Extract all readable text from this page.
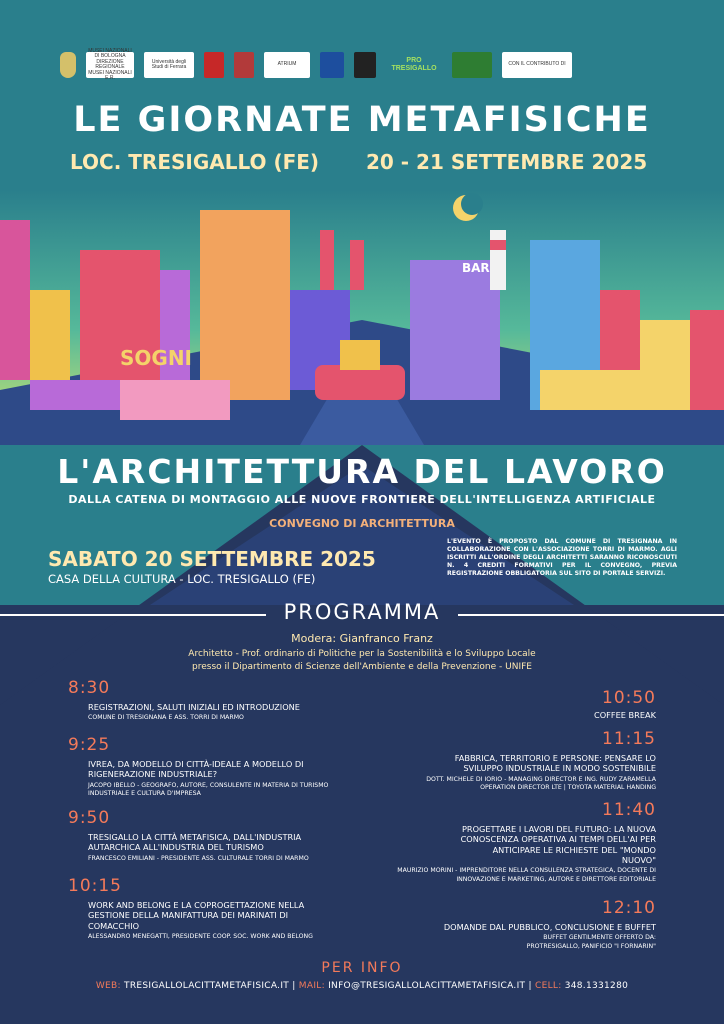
MUSEI NAZIONALI DI BOLOGNA DIREZIONE REGIONALE MUSEI NAZIONALI E.R.
Università degli Studi di Ferrara	ATRIUM	PRO TRESIGALLO
CON IL CONTRIBUTO DI
LE GIORNATE METAFISICHE
LOC. TRESIGALLO (FE) 20 - 21 SETTEMBRE 2025
SOGNI
BAR
L'ARCHITETTURA DEL LAVORO
DALLA CATENA DI MONTAGGIO ALLE NUOVE FRONTIERE DELL'INTELLIGENZA ARTIFICIALE
CONVEGNO DI ARCHITETTURA
SABATO 20 SETTEMBRE 2025
CASA DELLA CULTURA - LOC. TRESIGALLO (FE)
L'EVENTO È PROPOSTO DAL COMUNE DI TRESIGNANA IN COLLABORAZIONE CON L'ASSOCIAZIONE TORRI DI MARMO. AGLI ISCRITTI ALL'ORDINE DEGLI ARCHITETTI SARANNO RICONOSCIUTI N. 4 CREDITI FORMATIVI PER IL CONVEGNO, PREVIA REGISTRAZIONE OBBLIGATORIA SUL SITO DI PORTALE SERVIZI.
PROGRAMMA
Modera: Gianfranco Franz
Architetto - Prof. ordinario di Politiche per la Sostenibilità e lo Sviluppo Locale
presso il Dipartimento di Scienze dell'Ambiente e della Prevenzione - UNIFE
8:30
REGISTRAZIONI, SALUTI INIZIALI ED INTRODUZIONE
COMUNE DI TRESIGNANA E ASS. TORRI DI MARMO
9:25
IVREA, DA MODELLO DI CITTÀ-IDEALE A MODELLO DI RIGENERAZIONE INDUSTRIALE?
JACOPO IBELLO - GEOGRAFO, AUTORE, CONSULENTE IN MATERIA DI TURISMO INDUSTRIALE E CULTURA D'IMPRESA
9:50
TRESIGALLO LA CITTÀ METAFISICA, DALL'INDUSTRIA AUTARCHICA ALL'INDUSTRIA DEL TURISMO
FRANCESCO EMILIANI - PRESIDENTE ASS. CULTURALE TORRI DI MARMO
10:15
WORK AND BELONG E LA COPROGETTAZIONE NELLA GESTIONE DELLA MANIFATTURA DEI MARINATI DI COMACCHIO
ALESSANDRO MENEGATTI, PRESIDENTE COOP. SOC. WORK AND BELONG
10:50
COFFEE BREAK
11:15
FABBRICA, TERRITORIO E PERSONE: PENSARE LO SVILUPPO INDUSTRIALE IN MODO SOSTENIBILE
DOTT. MICHELE DI IORIO - MANAGING DIRECTOR E ING. RUDY ZARAMELLA OPERATION DIRECTOR LTE | TOYOTA MATERIAL HANDING
11:40
PROGETTARE I LAVORI DEL FUTURO: LA NUOVA CONOSCENZA OPERATIVA AI TEMPI DELL'AI PER ANTICIPARE LE RICHIESTE DEL "MONDO NUOVO"
MAURIZIO MORINI - IMPRENDITORE NELLA CONSULENZA STRATEGICA, DOCENTE DI INNOVAZIONE E MARKETING, AUTORE E DIRETTORE EDITORIALE
12:10
DOMANDE DAL PUBBLICO, CONCLUSIONE E BUFFET
BUFFET GENTILMENTE OFFERTO DA: PROTRESIGALLO, PANIFICIO "I FORNARIN"
PER INFO
WEB: TRESIGALLOLACITTAMETAFISICA.IT | MAIL: INFO@TRESIGALLOLACITTAMETAFISICA.IT | CELL: 348.1331280
